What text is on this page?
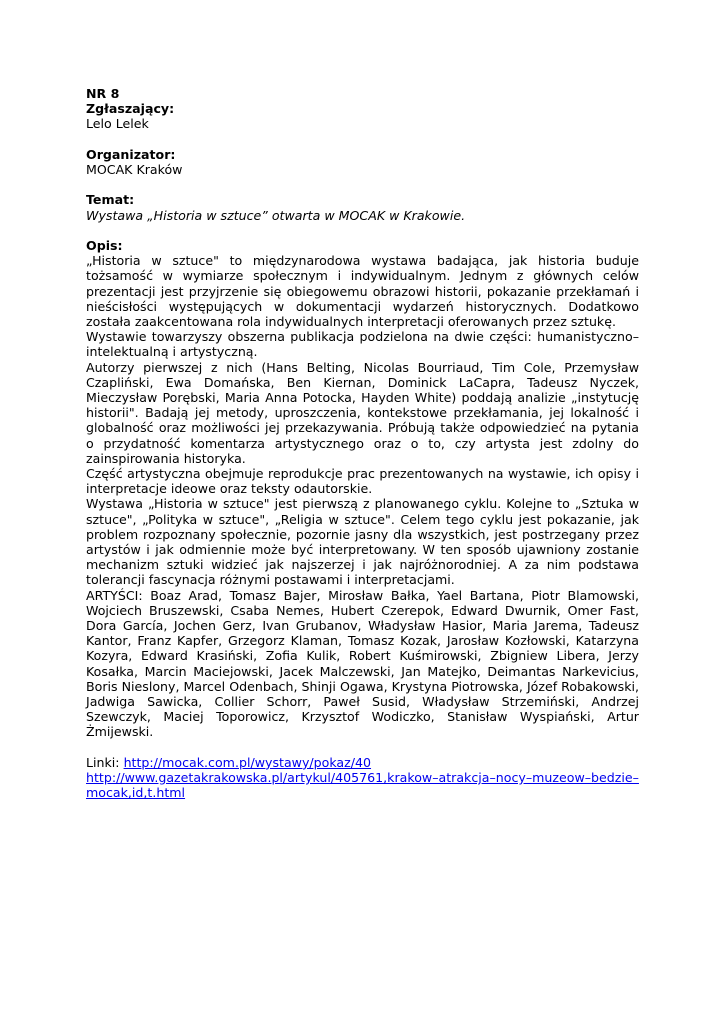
NR 8
Zgłaszający:
Lelo Lelek
Organizator:
MOCAK Kraków
Temat:
Wystawa „Historia w sztuce” otwarta w MOCAK w Krakowie.
Opis:

„Historia w sztuce" to międzynarodowa wystawa badająca, jak historia buduje tożsamość w wymiarze społecznym i indywidualnym. Jednym z głównych celów prezentacji jest przyjrzenie się obiegowemu obrazowi historii, pokazanie przekłamań i nieścisłości występujących w dokumentacji wydarzeń historycznych. Dodatkowo została zaakcentowana rola indywidualnych interpretacji oferowanych przez sztukę.

Wystawie towarzyszy obszerna publikacja podzielona na dwie części: humanistyczno–intelektualną i artystyczną.

Autorzy pierwszej z nich (Hans Belting, Nicolas Bourriaud, Tim Cole, Przemysław Czapliński, Ewa Domańska, Ben Kiernan, Dominick LaCapra, Tadeusz Nyczek, Mieczysław Porębski, Maria Anna Potocka, Hayden White) poddają analizie „instytucję historii". Badają jej metody, uproszczenia, kontekstowe przekłamania, jej lokalność i globalność oraz możliwości jej przekazywania. Próbują także odpowiedzieć na pytania o przydatność komentarza artystycznego oraz o to, czy artysta jest zdolny do zainspirowania historyka.

Część artystyczna obejmuje reprodukcje prac prezentowanych na wystawie, ich opisy i interpretacje ideowe oraz teksty odautorskie.

Wystawa „Historia w sztuce" jest pierwszą z planowanego cyklu. Kolejne to „Sztuka w sztuce", „Polityka w sztuce", „Religia w sztuce". Celem tego cyklu jest pokazanie, jak problem rozpoznany społecznie, pozornie jasny dla wszystkich, jest postrzegany przez artystów i jak odmiennie może być interpretowany. W ten sposób ujawniony zostanie mechanizm sztuki widzieć jak najszerzej i jak najróżnorodniej. A za nim podstawa tolerancji fascynacja różnymi postawami i interpretacjami.

ARTYŚCI: Boaz Arad, Tomasz Bajer, Mirosław Bałka, Yael Bartana, Piotr Blamowski, Wojciech Bruszewski, Csaba Nemes, Hubert Czerepok, Edward Dwurnik, Omer Fast, Dora García, Jochen Gerz, Ivan Grubanov, Władysław Hasior, Maria Jarema, Tadeusz Kantor, Franz Kapfer, Grzegorz Klaman, Tomasz Kozak, Jarosław Kozłowski, Katarzyna Kozyra, Edward Krasiński, Zofia Kulik, Robert Kuśmirowski, Zbigniew Libera, Jerzy Kosałka, Marcin Maciejowski, Jacek Malczewski, Jan Matejko, Deimantas Narkevicius, Boris Nieslony, Marcel Odenbach, Shinji Ogawa, Krystyna Piotrowska, Józef Robakowski, Jadwiga Sawicka, Collier Schorr, Paweł Susid, Władysław Strzemiński, Andrzej Szewczyk, Maciej Toporowicz, Krzysztof Wodiczko, Stanisław Wyspiański, Artur Żmijewski.

Linki: http://mocak.com.pl/wystawy/pokaz/40
http://www.gazetakrakowska.pl/artykul/405761,krakow–atrakcja–nocy–muzeow–bedzie–mocak,id,t.html
